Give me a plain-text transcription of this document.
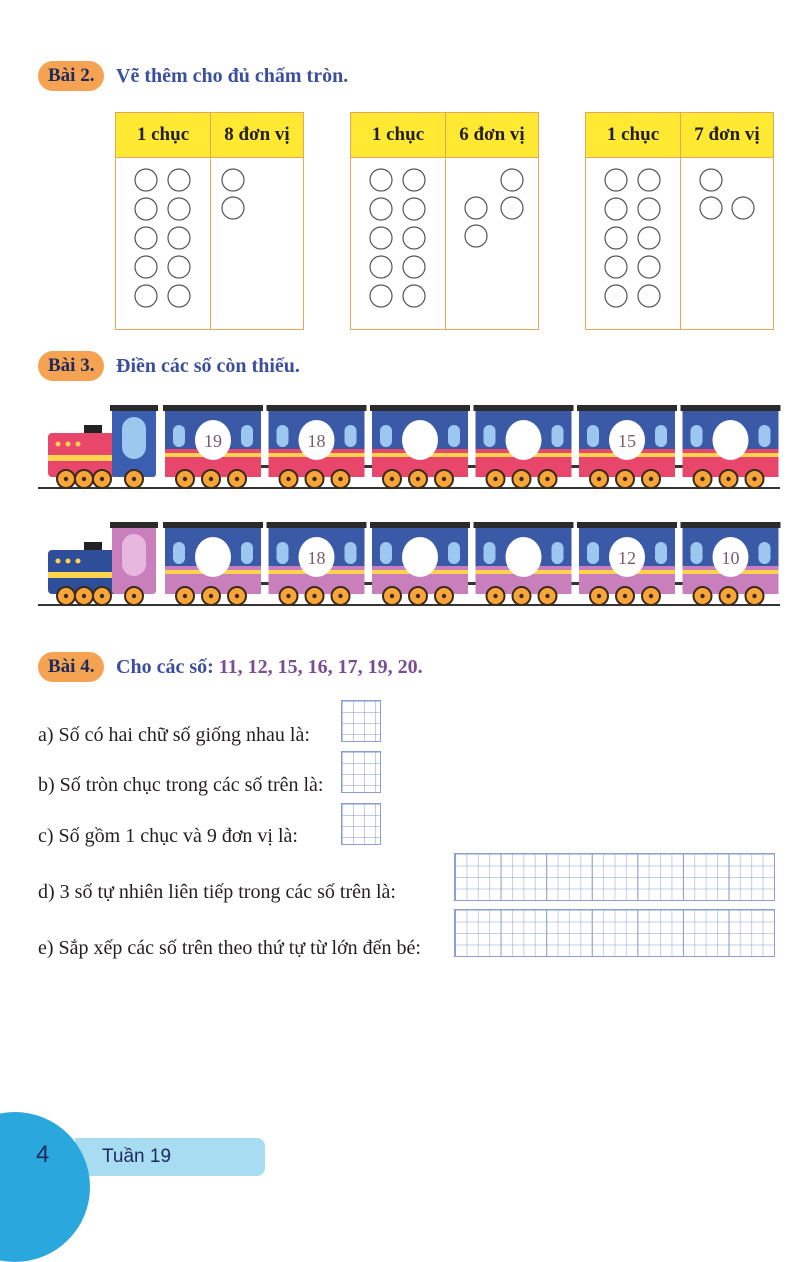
Bài 2.	Vẽ thêm cho đủ chấm tròn.
1 chục	8 đơn vị
		1 chục	6 đơn vị
		1 chục	7 đơn vị

Bài 3.	Điền các số còn thiếu.
19	18	15
18	12	10
Bài 4.	Cho các số: 11, 12, 15, 16, 17, 19, 20.
a) Số có hai chữ số giống nhau là:
b) Số tròn chục trong các số trên là:
c) Số gồm 1 chục và 9 đơn vị là:
d) 3 số tự nhiên liên tiếp trong các số trên là:
e) Sắp xếp các số trên theo thứ tự từ lớn đến bé:
4	Tuần 19
